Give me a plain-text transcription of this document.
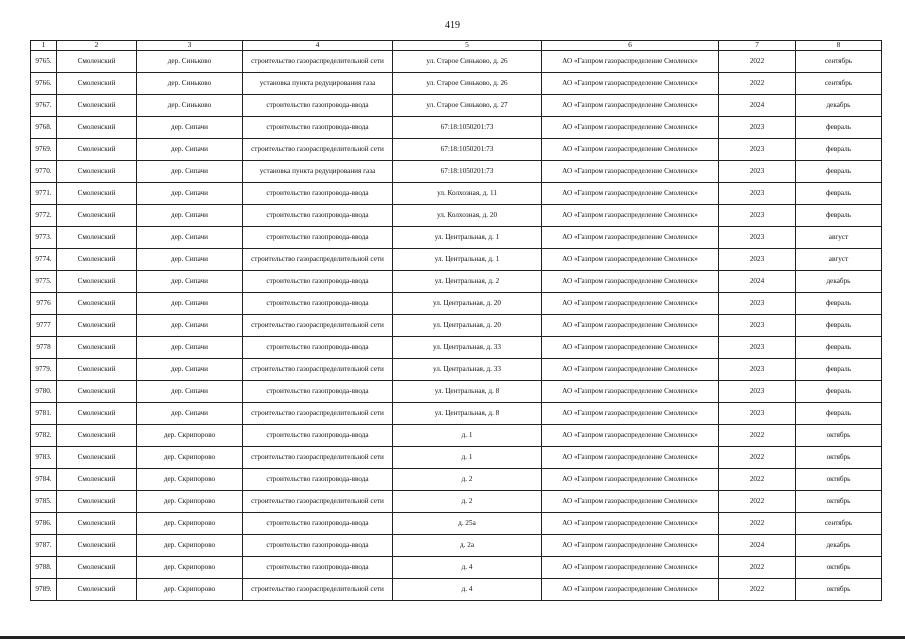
419
1	2	3	4	5	6	7	8
9765.	Смоленский	дер. Синьково	строительство газораспределительной сети	ул. Старое Синьково, д. 26	АО «Газпром газораспределение Смоленск»	2022	сентябрь
9766.	Смоленский	дер. Синьково	установка пункта редуцирования газа	ул. Старое Синьково, д. 26	АО «Газпром газораспределение Смоленск»	2022	сентябрь
9767.	Смоленский	дер. Синьково	строительство газопровода-ввода	ул. Старое Синьково, д. 27	АО «Газпром газораспределение Смоленск»	2024	декабрь
9768.	Смоленский	дер. Сипачи	строительство газопровода-ввода	67:18:1050201:73	АО «Газпром газораспределение Смоленск»	2023	февраль
9769.	Смоленский	дер. Сипачи	строительство газораспределительной сети	67:18:1050201:73	АО «Газпром газораспределение Смоленск»	2023	февраль
9770.	Смоленский	дер. Сипачи	установка пункта редуцирования газа	67:18:1050201:73	АО «Газпром газораспределение Смоленск»	2023	февраль
9771.	Смоленский	дер. Сипачи	строительство газопровода-ввода	ул. Колхозная, д. 11	АО «Газпром газораспределение Смоленск»	2023	февраль
9772.	Смоленский	дер. Сипачи	строительство газопровода-ввода	ул. Колхозная, д. 20	АО «Газпром газораспределение Смоленск»	2023	февраль
9773.	Смоленский	дер. Сипачи	строительство газопровода-ввода	ул. Центральная, д. 1	АО «Газпром газораспределение Смоленск»	2023	август
9774.	Смоленский	дер. Сипачи	строительство газораспределительной сети	ул. Центральная, д. 1	АО «Газпром газораспределение Смоленск»	2023	август
9775.	Смоленский	дер. Сипачи	строительство газопровода-ввода	ул. Центральная, д. 2	АО «Газпром газораспределение Смоленск»	2024	декабрь
9776	Смоленский	дер. Сипачи	строительство газопровода-ввода	ул. Центральная, д. 20	АО «Газпром газораспределение Смоленск»	2023	февраль
9777	Смоленский	дер. Сипачи	строительство газораспределительной сети	ул. Центральная, д. 20	АО «Газпром газораспределение Смоленск»	2023	февраль
9778	Смоленский	дер. Сипачи	строительство газопровода-ввода	ул. Центральная, д. 33	АО «Газпром газораспределение Смоленск»	2023	февраль
9779.	Смоленский	дер. Сипачи	строительство газораспределительной сети	ул. Центральная, д. 33	АО «Газпром газораспределение Смоленск»	2023	февраль
9780.	Смоленский	дер. Сипачи	строительство газопровода-ввода	ул. Центральная, д. 8	АО «Газпром газораспределение Смоленск»	2023	февраль
9781.	Смоленский	дер. Сипачи	строительство газораспределительной сети	ул. Центральная, д. 8	АО «Газпром газораспределение Смоленск»	2023	февраль
9782.	Смоленский	дер. Скрипорово	строительство газопровода-ввода	д. 1	АО «Газпром газораспределение Смоленск»	2022	октябрь
9783.	Смоленский	дер. Скрипорово	строительство газораспределительной сети	д. 1	АО «Газпром газораспределение Смоленск»	2022	октябрь
9784.	Смоленский	дер. Скрипорово	строительство газопровода-ввода	д. 2	АО «Газпром газораспределение Смоленск»	2022	октябрь
9785.	Смоленский	дер. Скрипорово	строительство газораспределительной сети	д. 2	АО «Газпром газораспределение Смоленск»	2022	октябрь
9786.	Смоленский	дер. Скрипорово	строительство газопровода-ввода	д. 25а	АО «Газпром газораспределение Смоленск»	2022	сентябрь
9787.	Смоленский	дер. Скрипорово	строительство газопровода-ввода	д. 2а	АО «Газпром газораспределение Смоленск»	2024	декабрь
9788.	Смоленский	дер. Скрипорово	строительство газопровода-ввода	д. 4	АО «Газпром газораспределение Смоленск»	2022	октябрь
9789.	Смоленский	дер. Скрипорово	строительство газораспределительной сети	д. 4	АО «Газпром газораспределение Смоленск»	2022	октябрь
